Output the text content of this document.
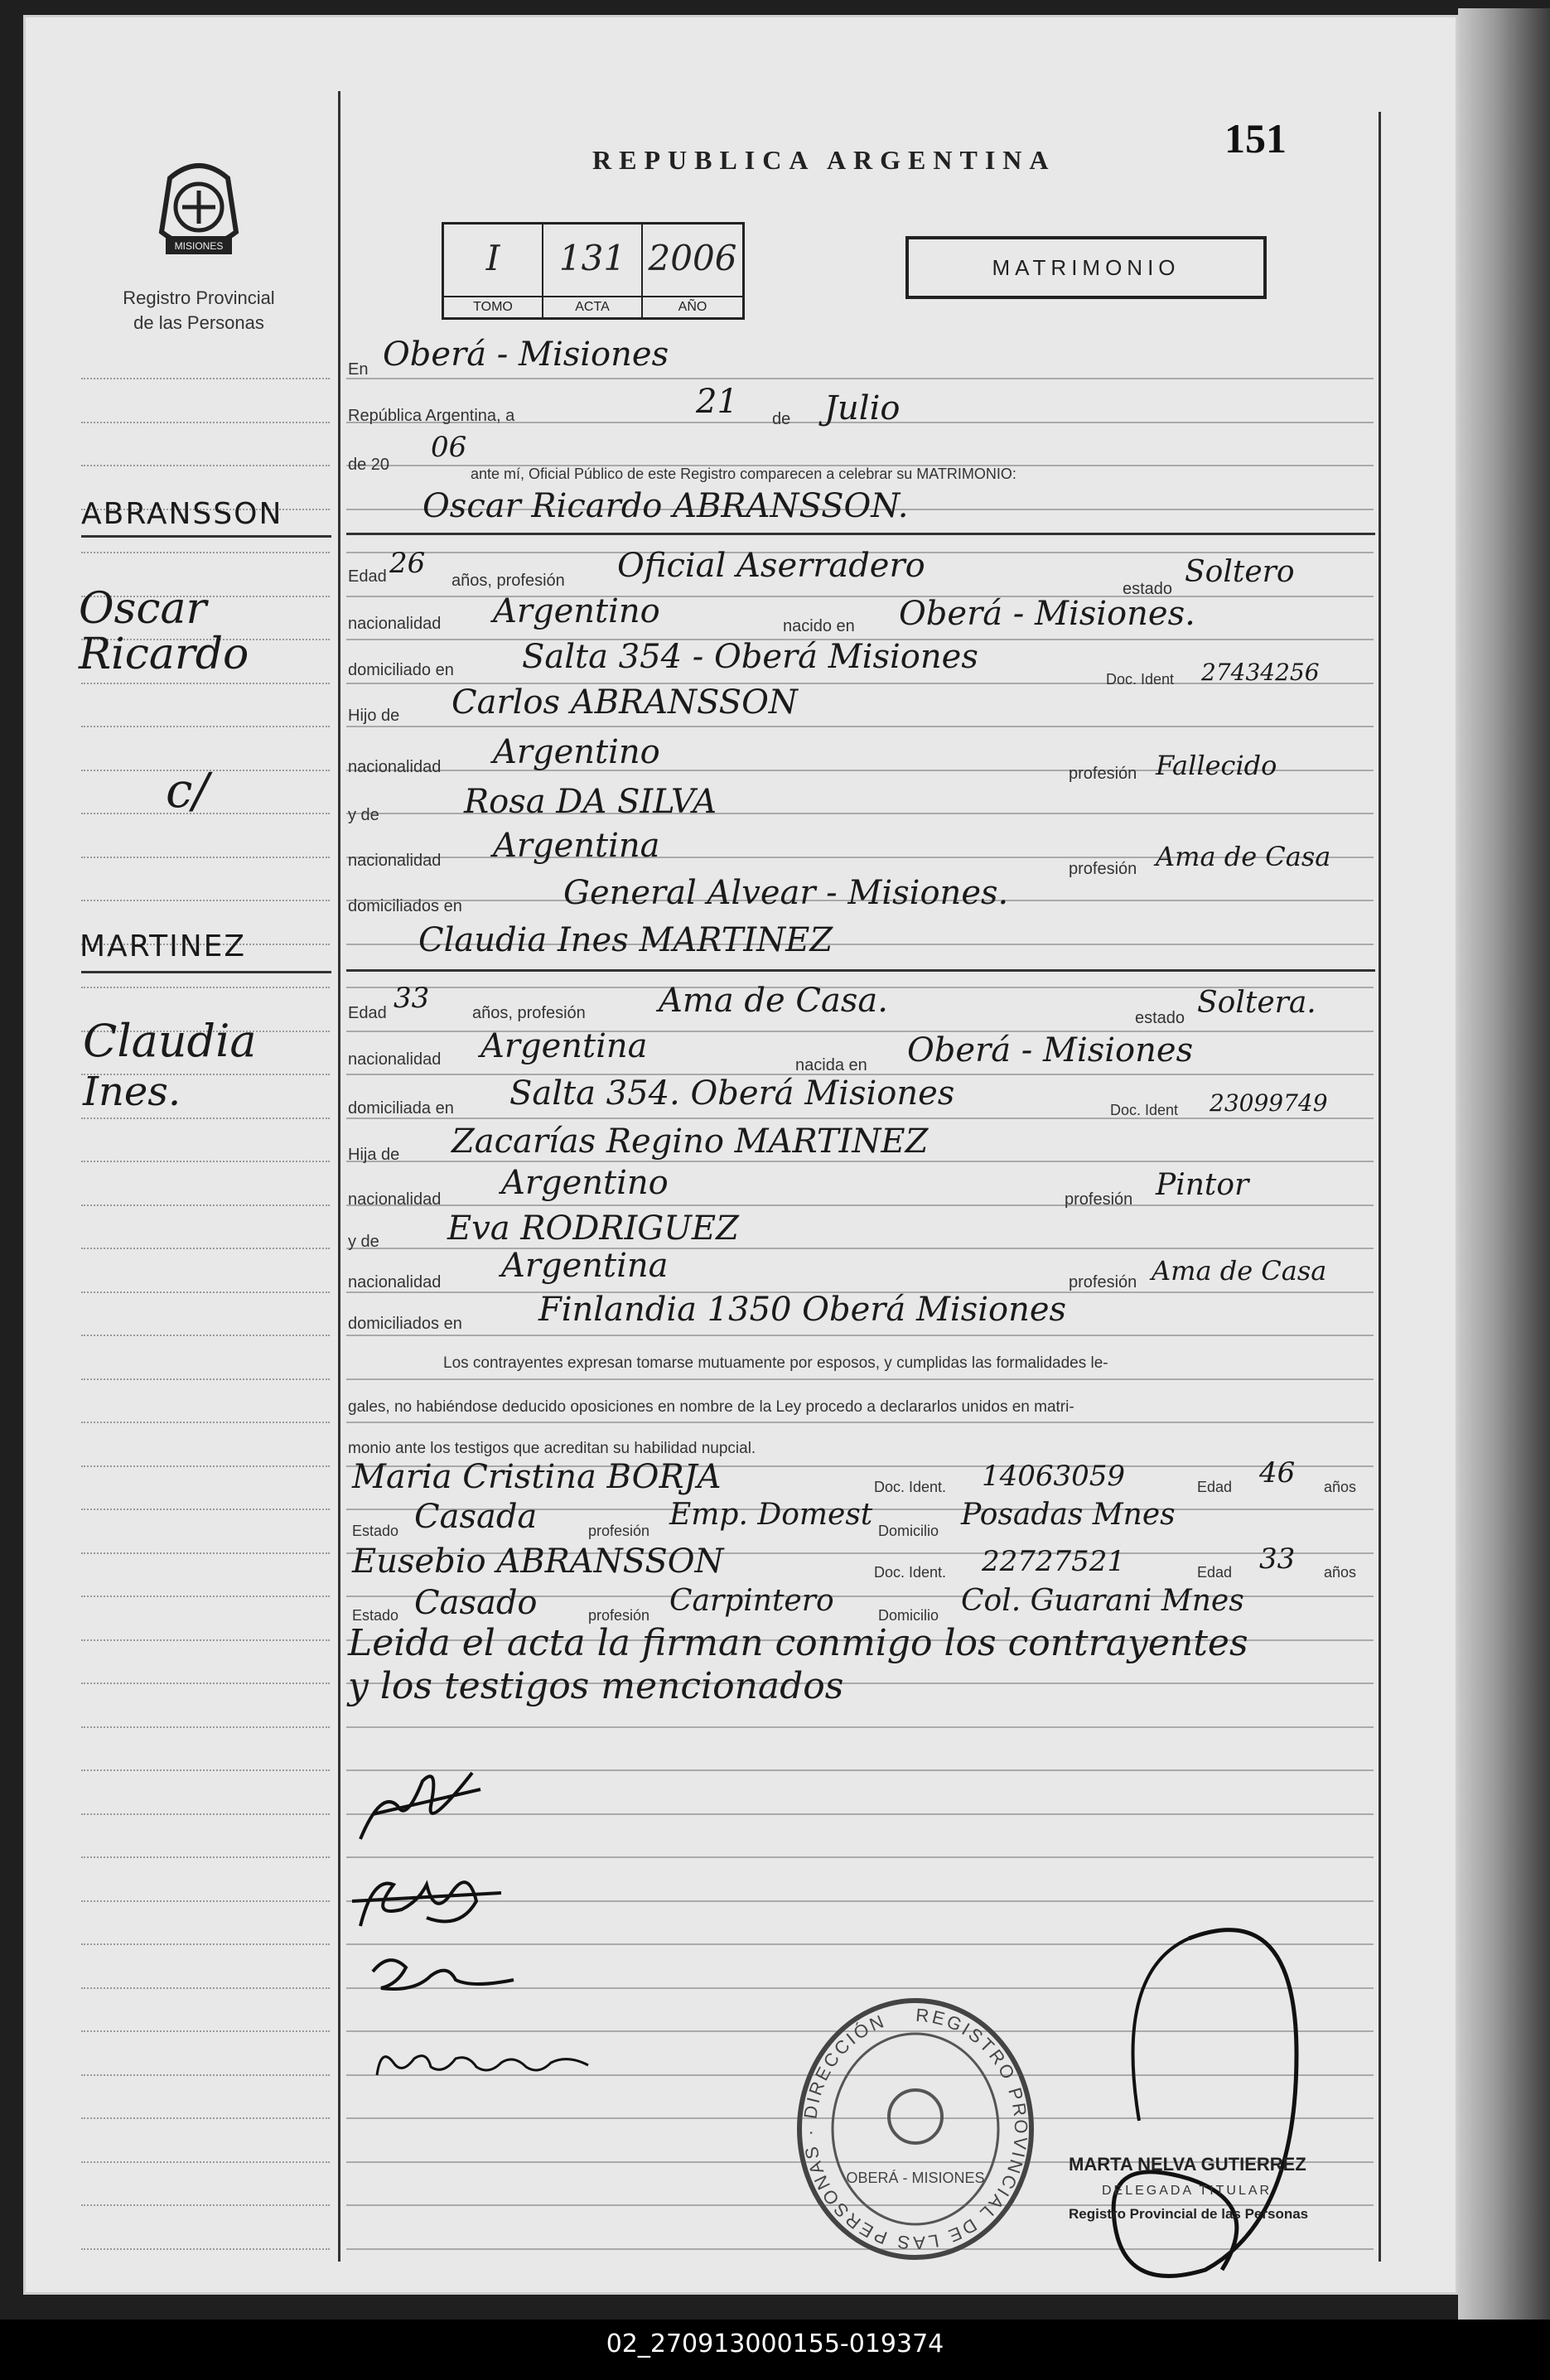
MISIONES
Registro Provincial
de las Personas
REPUBLICA ARGENTINA	151
I
TOMO
131
ACTA
2006
AÑO
MATRIMONIO
ABRANSSON
Oscar
Ricardo
c/
MARTINEZ
Claudia
Ines.
En Oberá - Misiones
República Argentina, a	21 de Julio
de 20
06
ante mí, Oficial Público de este Registro comparecen a celebrar su MATRIMONIO:
Oscar Ricardo ABRANSSON.
Edad 26
años, profesión Oficial Aserradero
estado Soltero
nacionalidad Argentino	nacido en Oberá - Misiones.
domiciliado en Salta 354 - Oberá Misiones
Doc. Ident 27434256
Hijo de Carlos ABRANSSON
nacionalidad Argentino
profesión Fallecido
y de	Rosa DA SILVA
nacionalidad Argentina
profesión Ama de Casa
domiciliados en	General Alvear - Misiones.
Claudia Ines MARTINEZ
Edad 33	años, profesión Ama de Casa.	estado Soltera.
nacionalidad Argentina	nacida en Oberá - Misiones
domiciliada en Salta 354. Oberá Misiones	Doc. Ident 23099749
Hija de Zacarías Regino MARTINEZ
nacionalidad Argentino	profesión Pintor
y de Eva RODRIGUEZ
nacionalidad Argentina	profesión Ama de Casa
domiciliados en Finlandia 1350 Oberá Misiones
Los contrayentes expresan tomarse mutuamente por esposos, y cumplidas las formalidades le-
gales, no habiéndose deducido oposiciones en nombre de la Ley procedo a declararlos unidos en matri-
monio ante los testigos que acreditan su habilidad nupcial.
Maria Cristina BORJA	Doc. Ident. 14063059	Edad 46 años
Estado Casada	profesión Emp. Domest Domicilio Posadas Mnes
Eusebio ABRANSSON	Doc. Ident. 22727521	Edad 33 años
Estado Casado	profesión Carpintero	Domicilio Col. Guarani Mnes
Leida el acta la firman conmigo los contrayentes
y los testigos mencionados
REGISTRO PROVINCIAL DE LAS PERSONAS · DIRECCIÓN
OBERÁ - MISIONES
MARTA NELVA GUTIERREZ
DELEGADA TITULAR
Registro Provincial de las Personas
02_270913000155-019374
